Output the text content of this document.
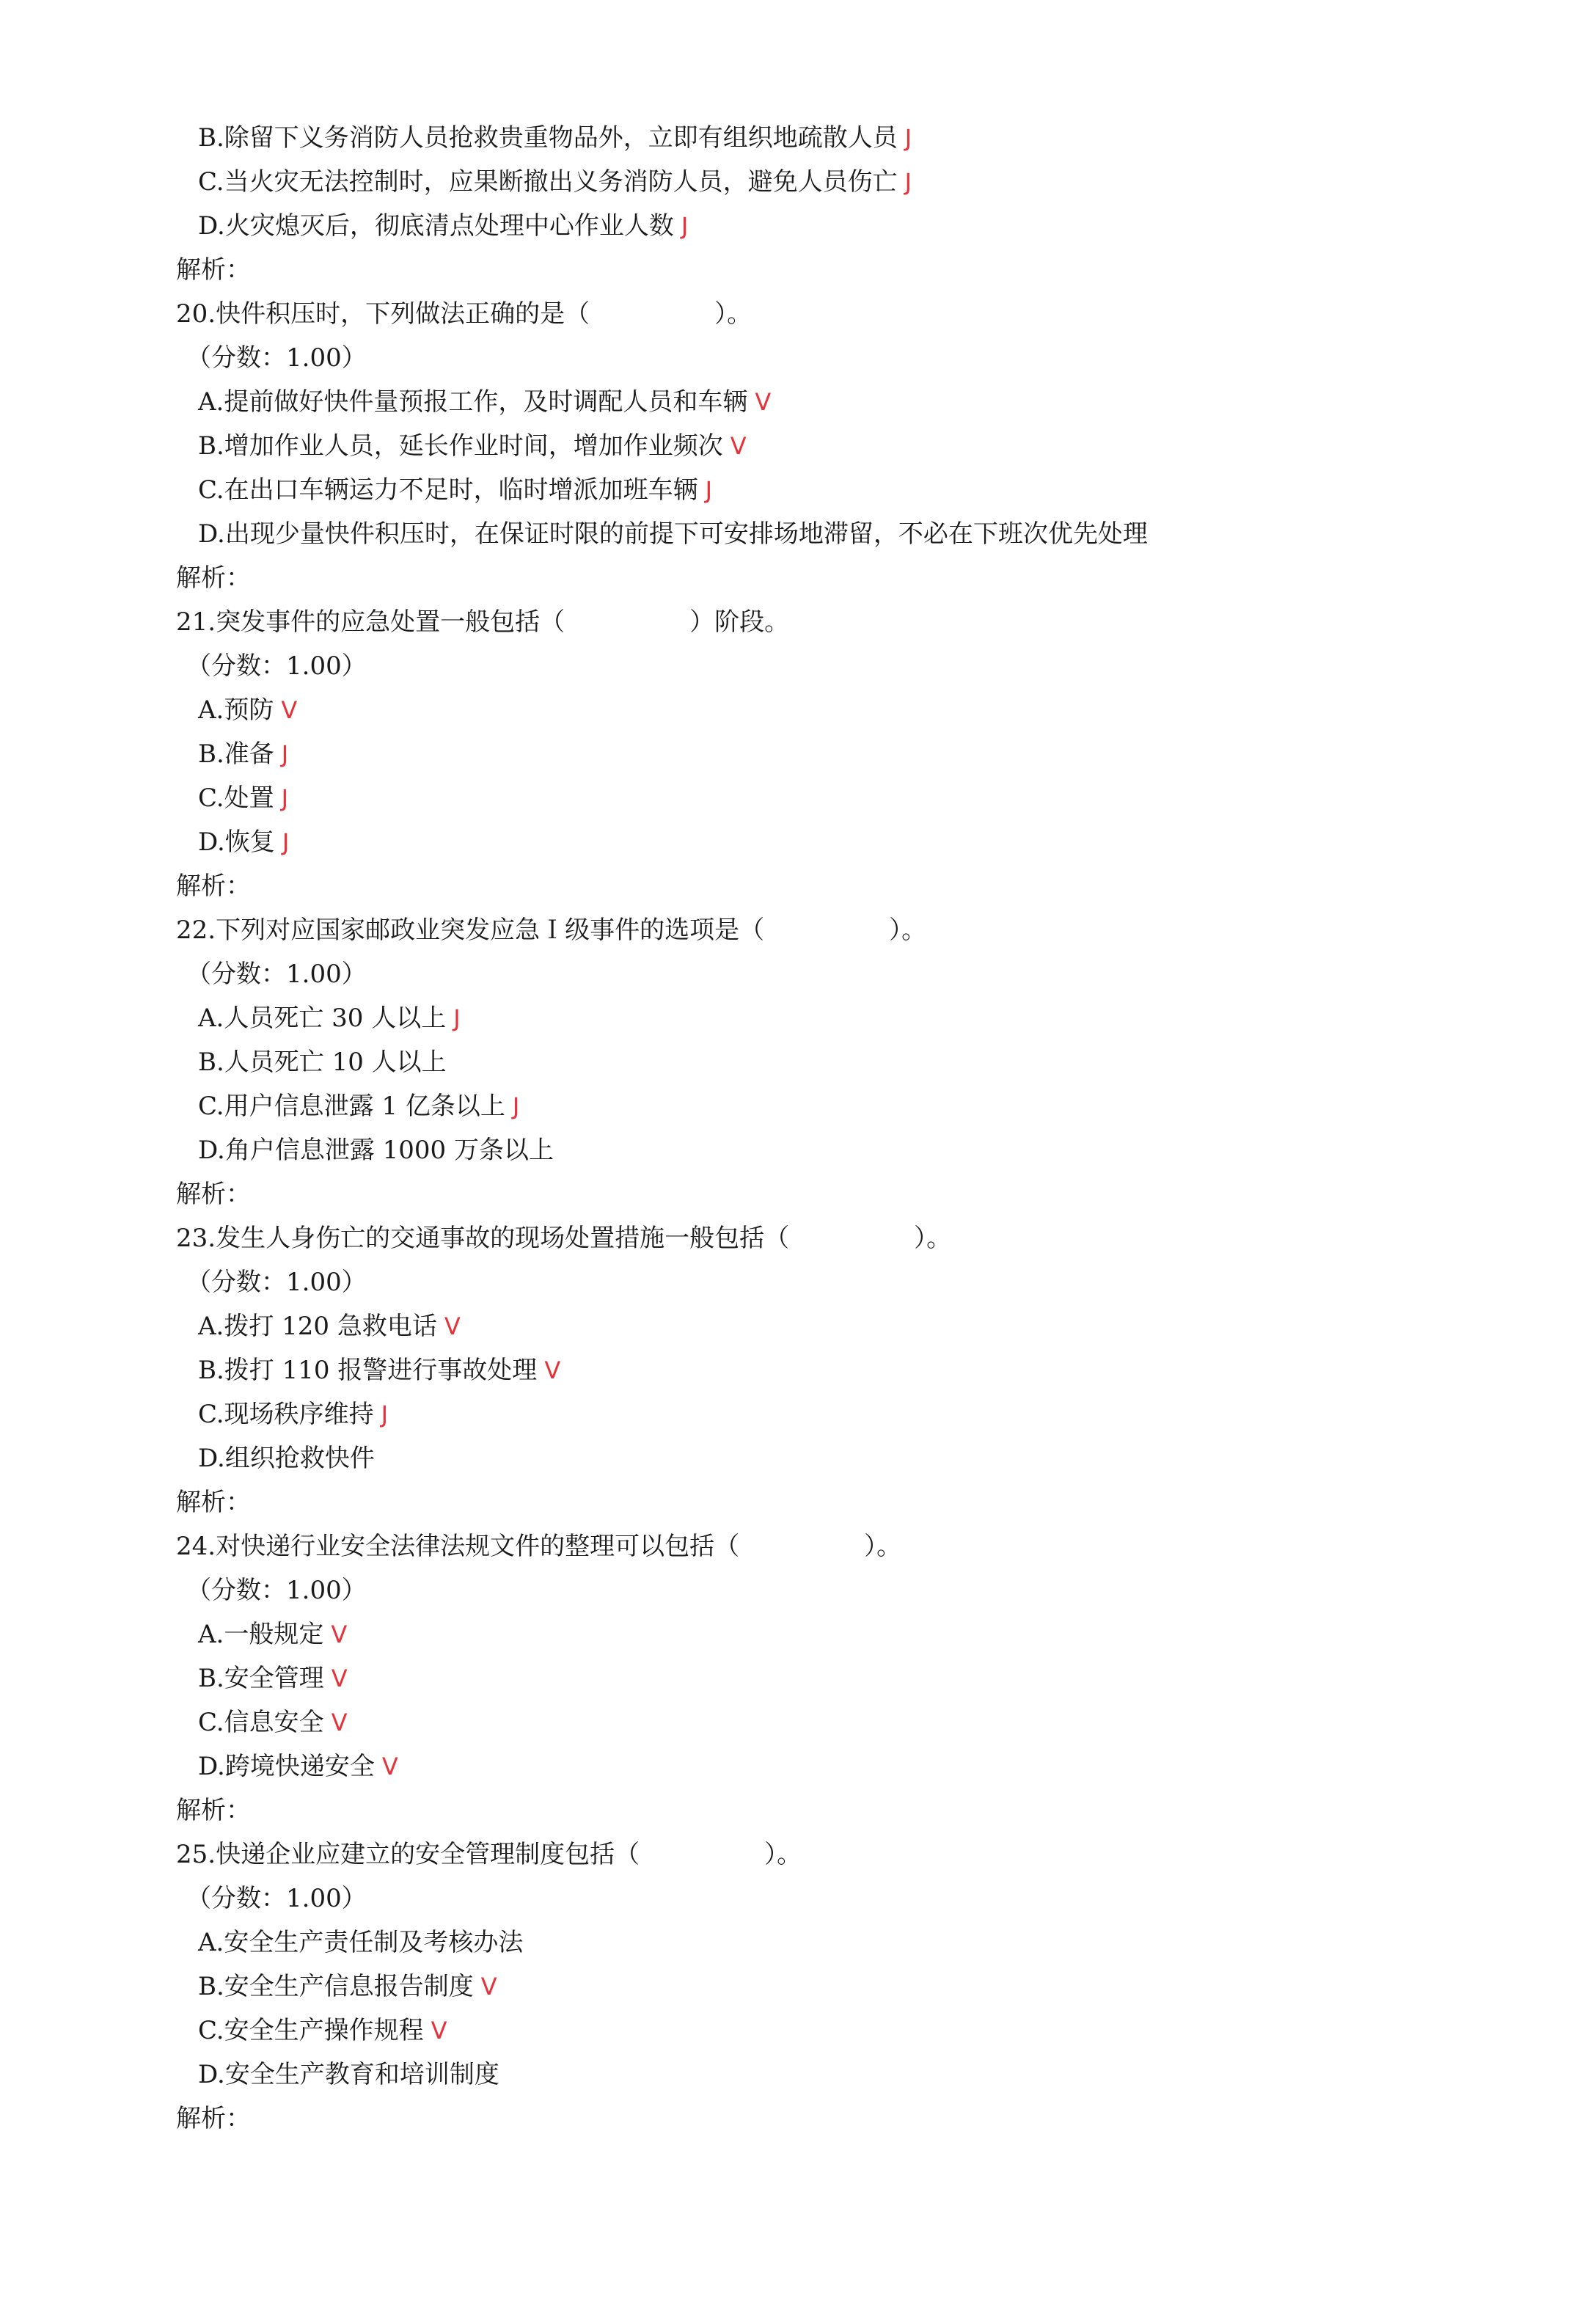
B.除留下义务消防人员抢救贵重物品外，立即有组织地疏散人员 J
C.当火灾无法控制时，应果断撤出义务消防人员，避免人员伤亡 J
D.火灾熄灭后，彻底清点处理中心作业人数 J
解析：
20.快件积压时，下列做法正确的是（	）。
（分数：1.00）
A.提前做好快件量预报工作，及时调配人员和车辆 V
B.增加作业人员，延长作业时间，增加作业频次 V
C.在出口车辆运力不足时，临时增派加班车辆 J
D.出现少量快件积压时，在保证时限的前提下可安排场地滞留，不必在下班次优先处理
解析：
21.突发事件的应急处置一般包括（	）阶段。
（分数：1.00）
A.预防 V
B.准备 J
C.处置 J
D.恢复 J
解析：
22.下列对应国家邮政业突发应急Ｉ级事件的选项是（	）。
（分数：1.00）
A.人员死亡 30 人以上 J
B.人员死亡 10 人以上
C.用户信息泄露 1 亿条以上 J
D.角户信息泄露 1000 万条以上
解析：
23.发生人身伤亡的交通事故的现场处置措施一般包括（	）。
（分数：1.00）
A.拨打 120 急救电话 V
B.拨打 110 报警进行事故处理 V
C.现场秩序维持 J
D.组织抢救快件
解析：
24.对快递行业安全法律法规文件的整理可以包括（	）。
（分数：1.00）
A.一般规定 V
B.安全管理 V
C.信息安全 V
D.跨境快递安全 V
解析：
25.快递企业应建立的安全管理制度包括（	）。
（分数：1.00）
A.安全生产责任制及考核办法
B.安全生产信息报告制度 V
C.安全生产操作规程 V
D.安全生产教育和培训制度
解析：
